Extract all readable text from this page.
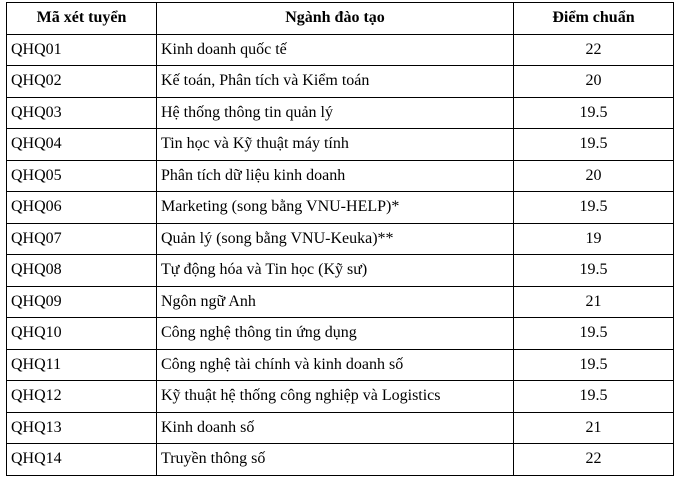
Mã xét tuyển	Ngành đào tạo	Điểm chuẩn
QHQ01	Kinh doanh quốc tế	22
QHQ02	Kế toán, Phân tích và Kiểm toán	20
QHQ03	Hệ thống thông tin quản lý	19.5
QHQ04	Tin học và Kỹ thuật máy tính	19.5
QHQ05	Phân tích dữ liệu kinh doanh	20
QHQ06	Marketing (song bằng VNU-HELP)*	19.5
QHQ07	Quản lý (song bằng VNU-Keuka)**	19
QHQ08	Tự động hóa và Tin học (Kỹ sư)	19.5
QHQ09	Ngôn ngữ Anh	21
QHQ10	Công nghệ thông tin ứng dụng	19.5
QHQ11	Công nghệ tài chính và kinh doanh số	19.5
QHQ12	Kỹ thuật hệ thống công nghiệp và Logistics	19.5
QHQ13	Kinh doanh số	21
QHQ14	Truyền thông số	22
